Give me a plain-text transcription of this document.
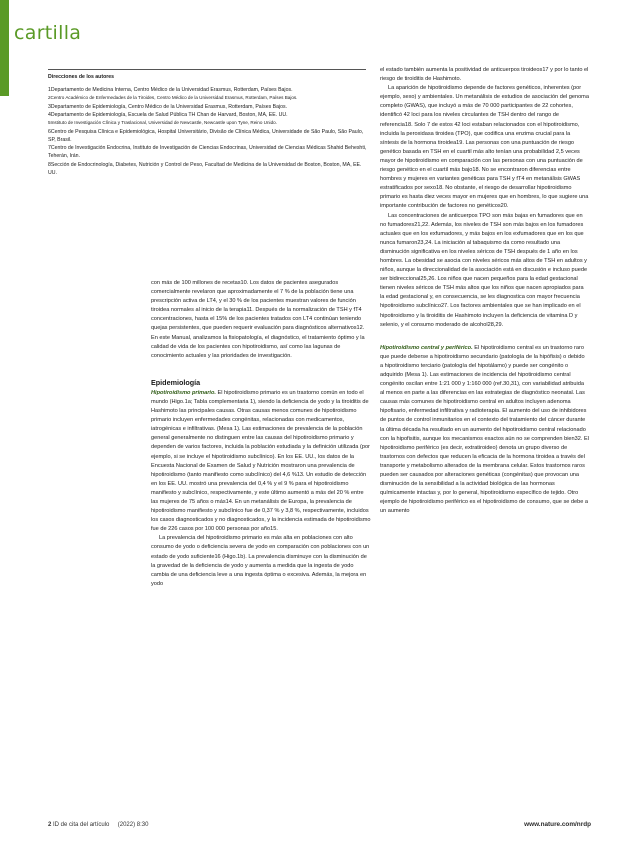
cartilla
Direcciones de los autores
1Departamento de Medicina Interna, Centro Médico de la Universidad Erasmus, Rotterdam, Países Bajos.
2Centro Académico de Enfermedades de la Tiroides, Centro Médico de la Universidad Erasmus, Rotterdam, Países Bajos.
3Departamento de Epidemiología, Centro Médico de la Universidad Erasmus, Rotterdam, Países Bajos.
4Departamento de Epidemiología, Escuela de Salud Pública TH Chan de Harvard, Boston, MA, EE. UU.
5Instituto de Investigación Clínica y Traslacional, Universidad de Newcastle, Newcastle upon Tyne, Reino Unido.
6Centro de Pesquisa Clínica e Epidemiológica, Hospital Universitário, Divisão de Clínica Médica, Universidade de São Paulo, São Paulo, SP, Brasil.
7Centro de Investigación Endocrina, Instituto de Investigación de Ciencias Endocrinas, Universidad de Ciencias Médicas Shahid Beheshti, Teherán, Irán.
8Sección de Endocrinología, Diabetes, Nutrición y Control de Peso, Facultad de Medicina de la Universidad de Boston, Boston, MA, EE. UU.

con más de 100 millones de recetas10. Los datos de pacientes asegurados comercialmente revelaron que aproximadamente el 7 % de la población tiene una prescripción activa de LT4, y el 30 % de los pacientes muestran valores de función tiroidea normales al inicio de la terapia11. Después de la normalización de TSH y fT4 concentraciones, hasta el 15% de los pacientes tratados con LT4 continúan teniendo quejas persistentes, que pueden requerir evaluación para diagnósticos alternativos12. En este Manual, analizamos la fisiopatología, el diagnóstico, el tratamiento óptimo y la calidad de vida de los pacientes con hipotiroidismo, así como las lagunas de conocimiento actuales y las prioridades de investigación.

Epidemiología

Hipotiroidismo primario. El hipotiroidismo primario es un trastorno común en todo el mundo (Higo.1a; Tabla complementaria 1), siendo la deficiencia de yodo y la tiroiditis de Hashimoto las principales causas. Otras causas menos comunes de hipotiroidismo primario incluyen enfermedades congénitas, relacionadas con medicamentos, iatrogénicas e infiltrativas. (Mesa 1). Las estimaciones de prevalencia de la población general generalmente no distinguen entre las causas del hipotiroidismo primario y dependen de varios factores, incluida la población estudiada y la definición utilizada (por ejemplo, si se incluye el hipotiroidismo subclínico). En los EE. UU., los datos de la Encuesta Nacional de Examen de Salud y Nutrición mostraron una prevalencia de hipotiroidismo (tanto manifiesto como subclínico) del 4,6 %13. Un estudio de detección en los EE. UU. mostró una prevalencia del 0,4 % y el 9 % para el hipotiroidismo manifiesto y subclínico, respectivamente, y este último aumentó a más del 20 % entre las mujeres de 75 años o más14. En un metanálisis de Europa, la prevalencia de hipotiroidismo manifiesto y subclínico fue de 0,37 % y 3,8 %, respectivamente, incluidos los casos diagnosticados y no diagnosticados, y la incidencia estimada de hipotiroidismo fue de 226 casos por 100 000 personas por año15.

La prevalencia del hipotiroidismo primario es más alta en poblaciones con alto consumo de yodo o deficiencia severa de yodo en comparación con poblaciones con un estado de yodo suficiente16 (Higo.1b). La prevalencia disminuye con la disminución de la gravedad de la deficiencia de yodo y aumenta a medida que la ingesta de yodo cambia de una deficiencia leve a una ingesta óptima o excesiva. Además, la mejora en yodo

el estado también aumenta la positividad de anticuerpos tiroideos17 y por lo tanto el riesgo de tiroiditis de Hashimoto.

La aparición de hipotiroidismo depende de factores genéticos, inherentes (por ejemplo, sexo) y ambientales. Un metanálisis de estudios de asociación del genoma completo (GWAS), que incluyó a más de 70 000 participantes de 22 cohortes, identificó 42 loci para los niveles circulantes de TSH dentro del rango de referencia18. Solo 7 de estos 42 loci estaban relacionados con el hipotiroidismo, incluida la peroxidasa tiroidea (TPO), que codifica una enzima crucial para la síntesis de la hormona tiroidea19. Las personas con una puntuación de riesgo genético basada en TSH en el cuartil más alto tenían una probabilidad 2,5 veces mayor de hipotiroidismo en comparación con las personas con una puntuación de riesgo genético en el cuartil más bajo18. No se encontraron diferencias entre hombres y mujeres en variantes genéticas para TSH y fT4 en metanálisis GWAS estratificados por sexo18. No obstante, el riesgo de desarrollar hipotiroidismo primario es hasta diez veces mayor en mujeres que en hombres, lo que sugiere una importante contribución de factores no genéticos20.

Las concentraciones de anticuerpos TPO son más bajas en fumadores que en no fumadores21,22. Además, los niveles de TSH son más bajos en los fumadores actuales que en los exfumadores, y más bajos en los exfumadores que en los que nunca fumaron23,24. La iniciación al tabaquismo da como resultado una disminución significativa en los niveles séricos de TSH después de 1 año en los hombres. La obesidad se asocia con niveles séricos más altos de TSH en adultos y niños, aunque la direccionalidad de la asociación está en discusión e incluso puede ser bidireccional25,26. Los niños que nacen pequeños para la edad gestacional tienen niveles séricos de TSH más altos que los niños que nacen apropiados para la edad gestacional y, en consecuencia, se les diagnostica con mayor frecuencia hipotiroidismo subclínico27. Los factores ambientales que se han implicado en el hipotiroidismo y la tiroiditis de Hashimoto incluyen la deficiencia de vitamina D y selenio, y el consumo moderado de alcohol28,29.

Hipotiroidismo central y periférico. El hipotiroidismo central es un trastorno raro que puede deberse a hipotiroidismo secundario (patología de la hipófisis) o debido a hipotiroidismo terciario (patología del hipotálamo) y puede ser congénito o adquirido (Mesa 1). Las estimaciones de incidencia del hipotiroidismo central congénito oscilan entre 1:21 000 y 1:160 000 (ref.30,31), con variabilidad atribuida al menos en parte a las diferencias en las estrategias de diagnóstico neonatal. Las causas más comunes de hipotiroidismo central en adultos incluyen adenoma hipofisario, enfermedad infiltrativa y radioterapia. El aumento del uso de inhibidores de puntos de control inmunitarios en el contexto del tratamiento del cáncer durante la última década ha resultado en un aumento del hipotiroidismo central relacionado con la hipofisitis, aunque los mecanismos exactos aún no se comprenden bien32. El hipotiroidismo periférico (es decir, extratiroideo) denota un grupo diverso de trastornos con defectos que reducen la eficacia de la hormona tiroidea a través del transporte y metabolismo alterados de la membrana celular. Estos trastornos raros pueden ser causados por alteraciones genéticas (congénitas) que provocan una disminución de la sensibilidad a la actividad biológica de las hormonas químicamente intactas y, por lo general, hipotiroidismo específico de tejido. Otro ejemplo de hipotiroidismo periférico es el hipotiroidismo de consumo, que se debe a un aumento

2 ID de cita del artículo (2022) 8:30	www.nature.com/nrdp
